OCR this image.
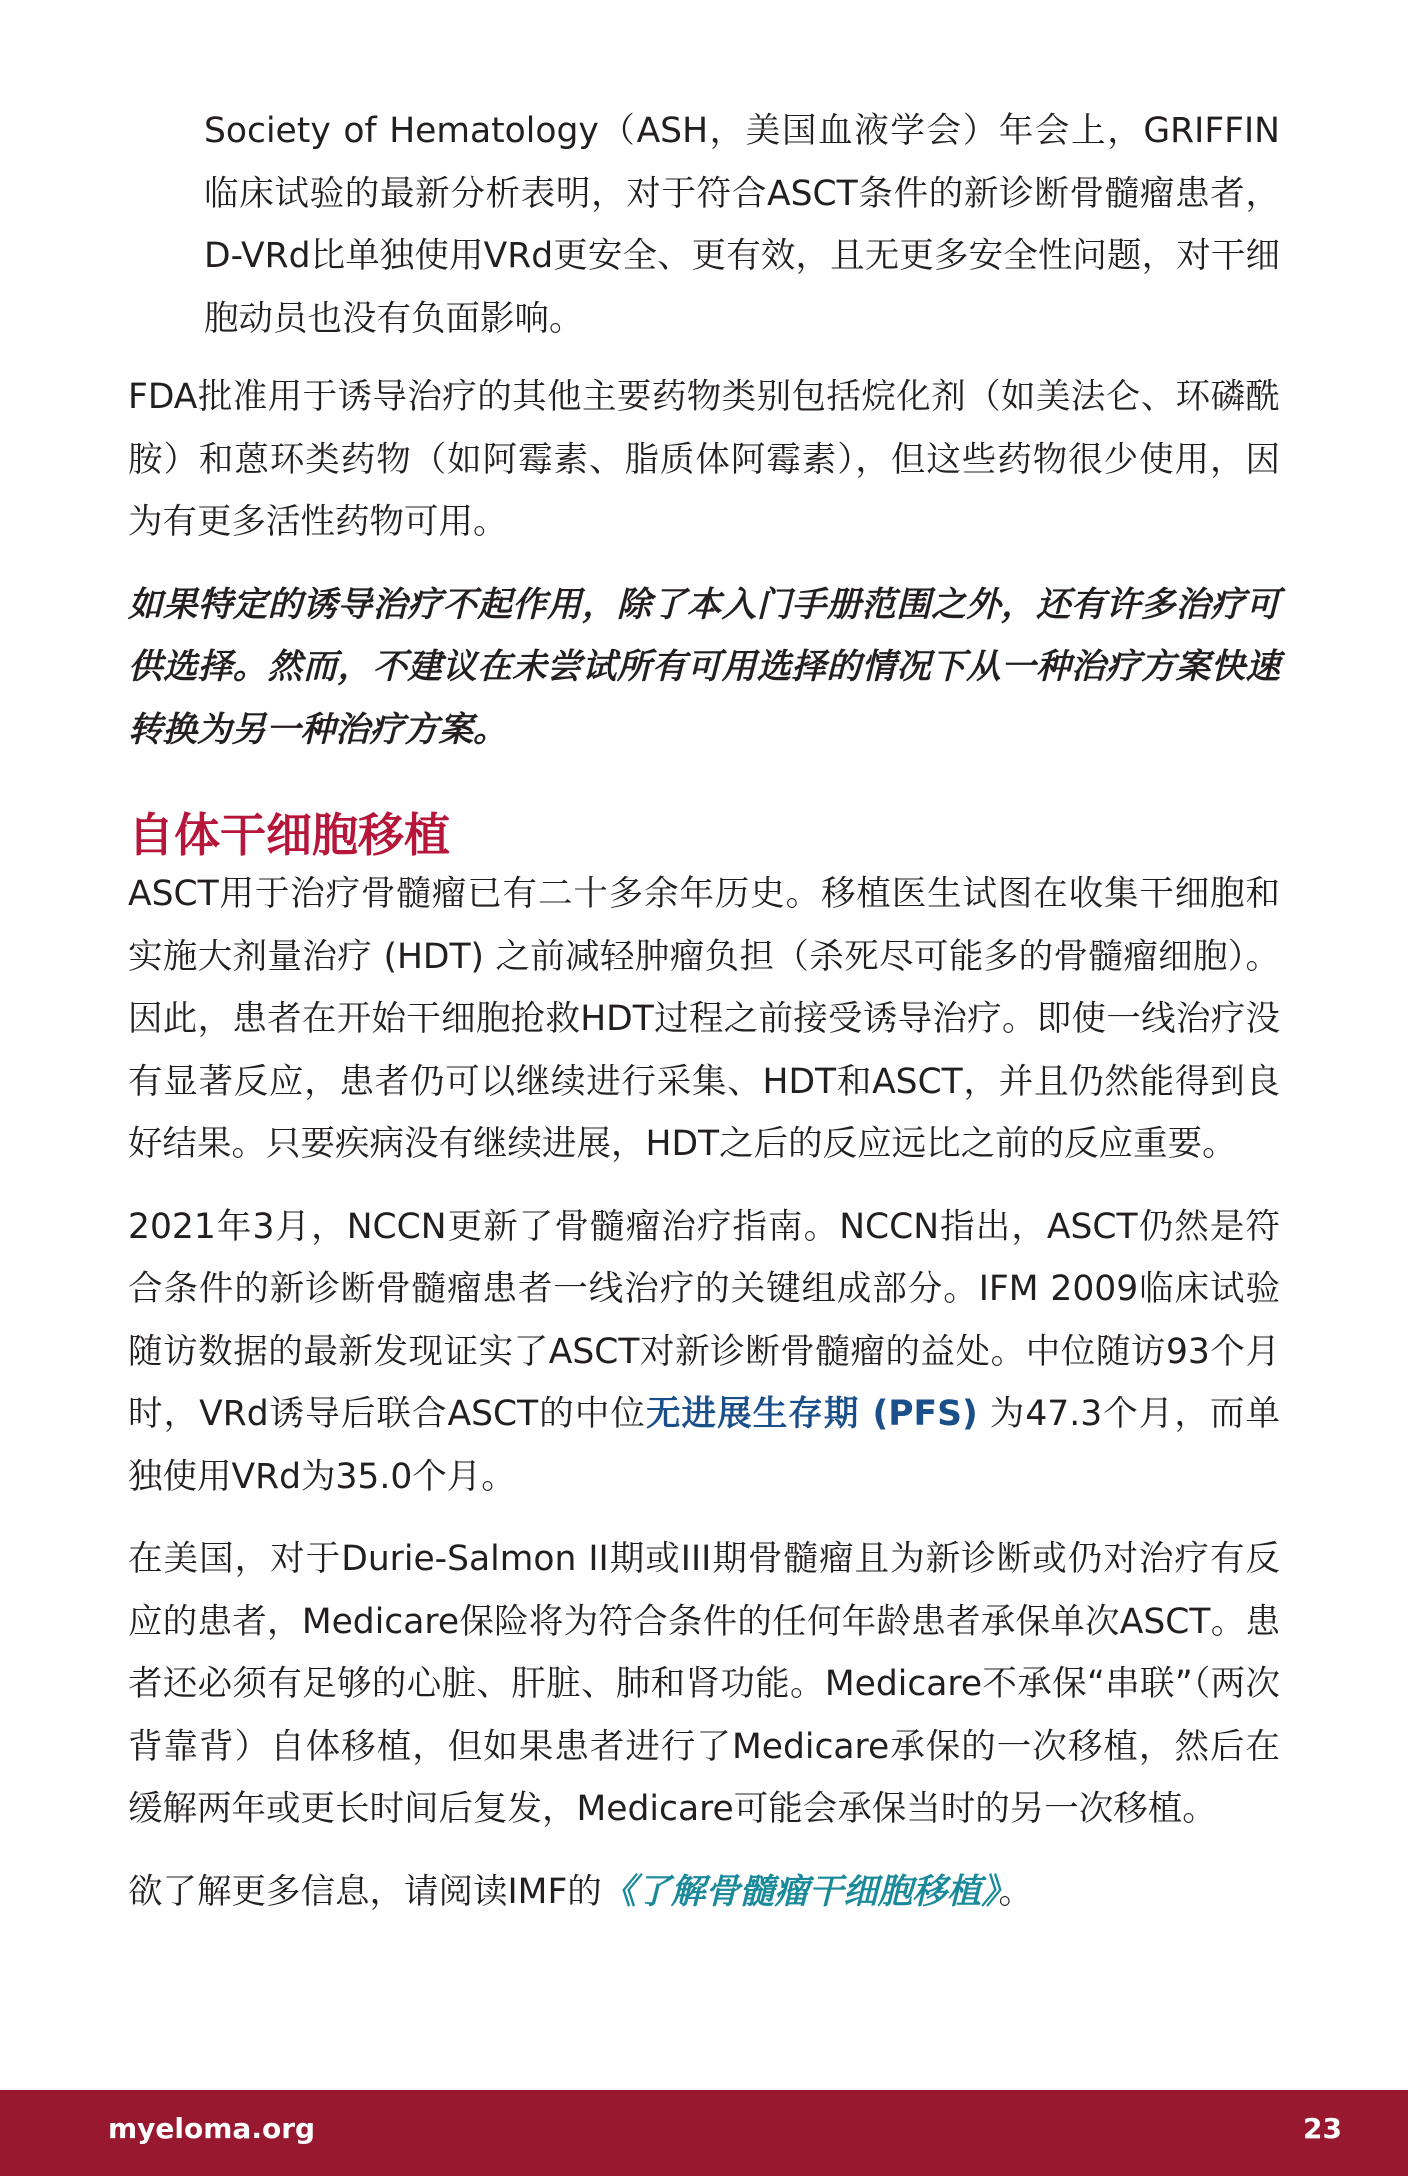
Society of Hematology（ASH，美国血液学会）年会上，GRIFFIN临床试验的最新分析表明，对于符合ASCT条件的新诊断骨髓瘤患者，D-VRd比单独使用VRd更安全、更有效，且无更多安全性问题，对干细胞动员也没有负面影响。

FDA批准用于诱导治疗的其他主要药物类别包括烷化剂（如美法仑、环磷酰胺）和蒽环类药物（如阿霉素、脂质体阿霉素），但这些药物很少使用，因为有更多活性药物可用。

如果特定的诱导治疗不起作用，除了本入门手册范围之外，还有许多治疗可供选择。然而，不建议在未尝试所有可用选择的情况下从一种治疗方案快速转换为另一种治疗方案。

自体干细胞移植

ASCT用于治疗骨髓瘤已有二十多余年历史。移植医生试图在收集干细胞和实施大剂量治疗 (HDT) 之前减轻肿瘤负担（杀死尽可能多的骨髓瘤细胞）。因此，患者在开始干细胞抢救HDT过程之前接受诱导治疗。即使一线治疗没有显著反应，患者仍可以继续进行采集、HDT和ASCT，并且仍然能得到良好结果。只要疾病没有继续进展，HDT之后的反应远比之前的反应重要。

2021年3月，NCCN更新了骨髓瘤治疗指南。NCCN指出，ASCT仍然是符合条件的新诊断骨髓瘤患者一线治疗的关键组成部分。IFM 2009临床试验随访数据的最新发现证实了ASCT对新诊断骨髓瘤的益处。中位随访93个月时，VRd诱导后联合ASCT的中位无进展生存期 (PFS) 为47.3个月，而单独使用VRd为35.0个月。

在美国，对于Durie-Salmon II期或III期骨髓瘤且为新诊断或仍对治疗有反应的患者，Medicare保险将为符合条件的任何年龄患者承保单次ASCT。患者还必须有足够的心脏、肝脏、肺和肾功能。Medicare不承保“串联”（两次背靠背）自体移植，但如果患者进行了Medicare承保的一次移植，然后在缓解两年或更长时间后复发，Medicare可能会承保当时的另一次移植。

欲了解更多信息，请阅读IMF的《了解骨髓瘤干细胞移植》。

myeloma.org	23
